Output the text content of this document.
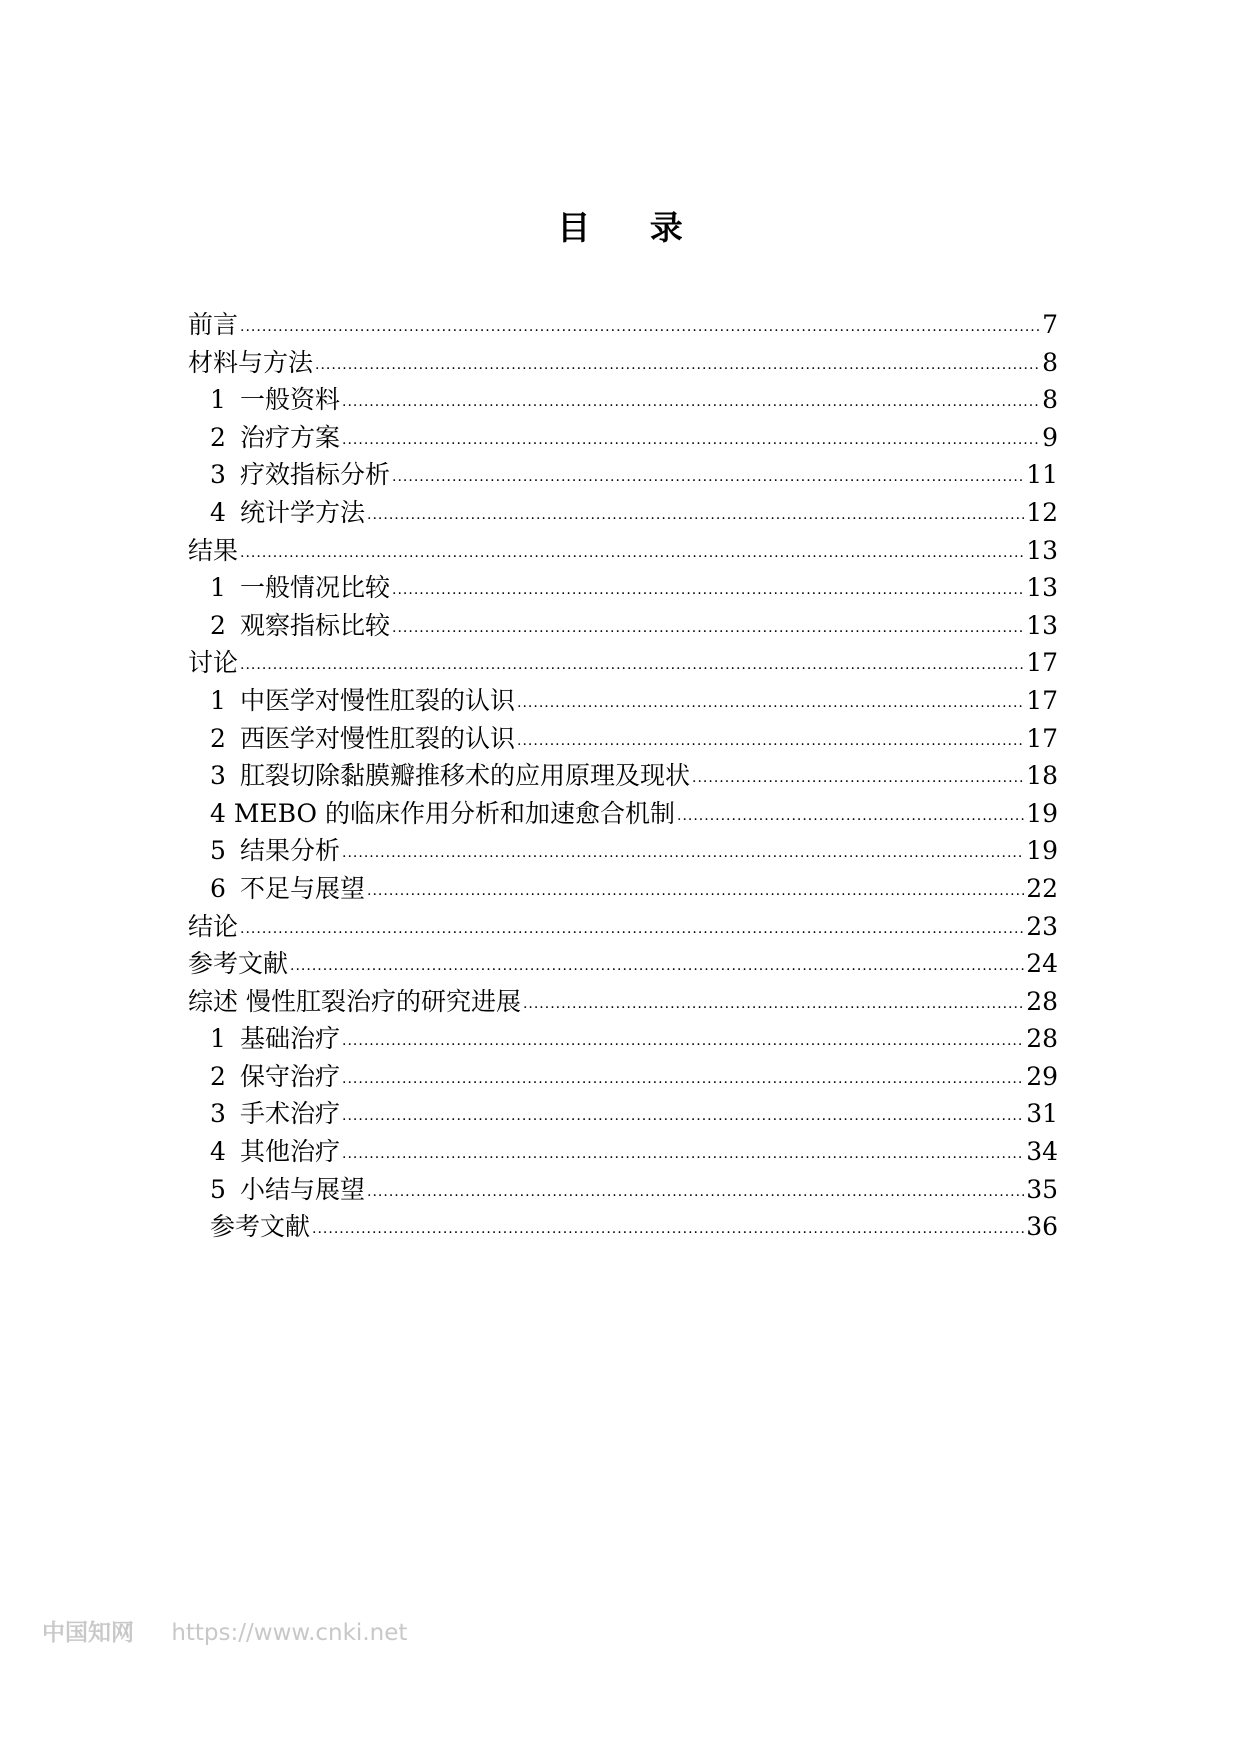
目 录
前言 .....	7
材料与方法 .....	8
1 一般资料 .....	8
2 治疗方案 .....	9
3 疗效指标分析 .....	11
4 统计学方法 .....	12
结果 .....	13
1 一般情况比较 .....	13
2 观察指标比较 .....	13
讨论 .....	17
1 中医学对慢性肛裂的认识 .....	17
2 西医学对慢性肛裂的认识 .....	17
3 肛裂切除黏膜瓣推移术的应用原理及现状 .....	18
4 MEBO 的临床作用分析和加速愈合机制 .....	19
5 结果分析 .....	19
6 不足与展望 .....	22
结论 .....	23
参考文献 .....	24
综述 慢性肛裂治疗的研究进展 .....	28
1 基础治疗 .....	28
2 保守治疗 .....	29
3 手术治疗 .....	31
4 其他治疗 .....	34
5 小结与展望 .....	35
参考文献 .....	36
中国知网 https://www.cnki.net
